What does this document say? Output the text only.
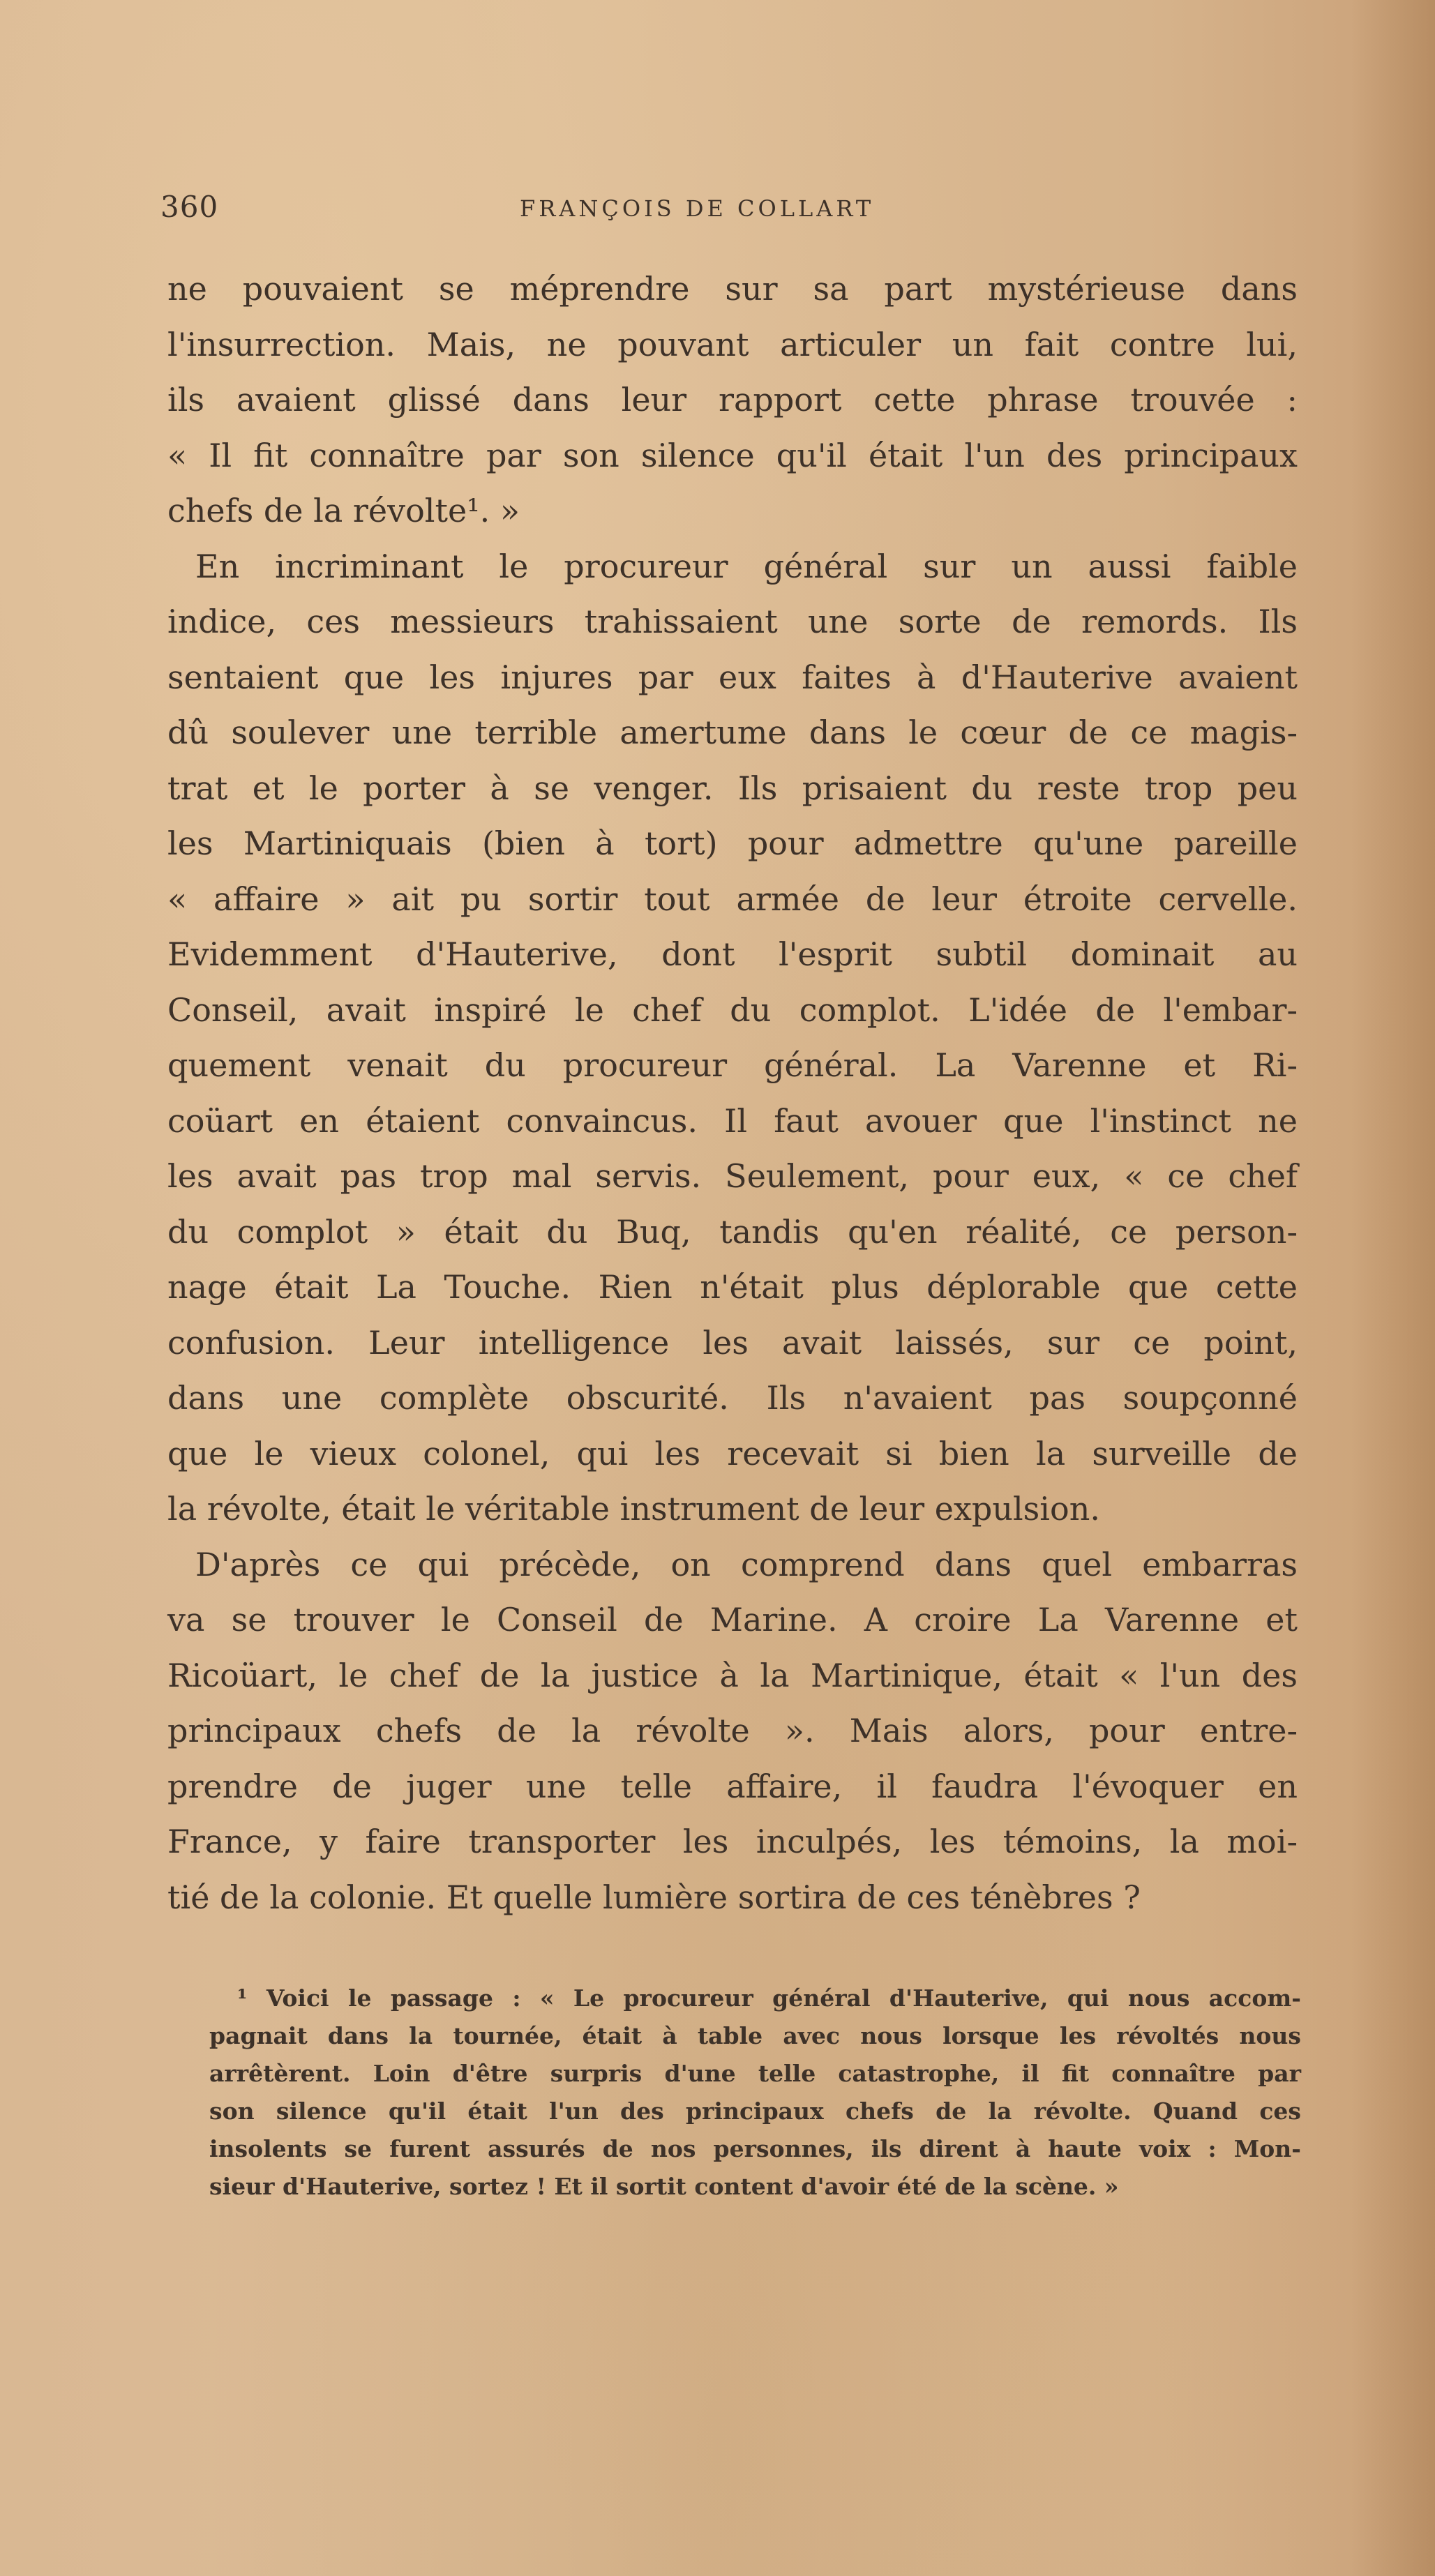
360	FRANÇOIS DE COLLART
ne pouvaient se méprendre sur sa part mystérieuse dans
l'insurrection. Mais, ne pouvant articuler un fait contre lui,
ils avaient glissé dans leur rapport cette phrase trouvée :
« Il fit connaître par son silence qu'il était l'un des principaux
chefs de la révolte¹. »
En incriminant le procureur général sur un aussi faible
indice, ces messieurs trahissaient une sorte de remords. Ils
sentaient que les injures par eux faites à d'Hauterive avaient
dû soulever une terrible amertume dans le cœur de ce magis-
trat et le porter à se venger. Ils prisaient du reste trop peu
les Martiniquais (bien à tort) pour admettre qu'une pareille
« affaire » ait pu sortir tout armée de leur étroite cervelle.
Evidemment d'Hauterive, dont l'esprit subtil dominait au
Conseil, avait inspiré le chef du complot. L'idée de l'embar-
quement venait du procureur général. La Varenne et Ri-
coüart en étaient convaincus. Il faut avouer que l'instinct ne
les avait pas trop mal servis. Seulement, pour eux, « ce chef
du complot » était du Buq, tandis qu'en réalité, ce person-
nage était La Touche. Rien n'était plus déplorable que cette
confusion. Leur intelligence les avait laissés, sur ce point,
dans une complète obscurité. Ils n'avaient pas soupçonné
que le vieux colonel, qui les recevait si bien la surveille de
la révolte, était le véritable instrument de leur expulsion.
D'après ce qui précède, on comprend dans quel embarras
va se trouver le Conseil de Marine. A croire La Varenne et
Ricoüart, le chef de la justice à la Martinique, était « l'un des
principaux chefs de la révolte ». Mais alors, pour entre-
prendre de juger une telle affaire, il faudra l'évoquer en
France, y faire transporter les inculpés, les témoins, la moi-
tié de la colonie. Et quelle lumière sortira de ces ténèbres ?
¹ Voici le passage : « Le procureur général d'Hauterive, qui nous accom-
pagnait dans la tournée, était à table avec nous lorsque les révoltés nous
arrêtèrent. Loin d'être surpris d'une telle catastrophe, il fit connaître par
son silence qu'il était l'un des principaux chefs de la révolte. Quand ces
insolents se furent assurés de nos personnes, ils dirent à haute voix : Mon-
sieur d'Hauterive, sortez ! Et il sortit content d'avoir été de la scène. »
